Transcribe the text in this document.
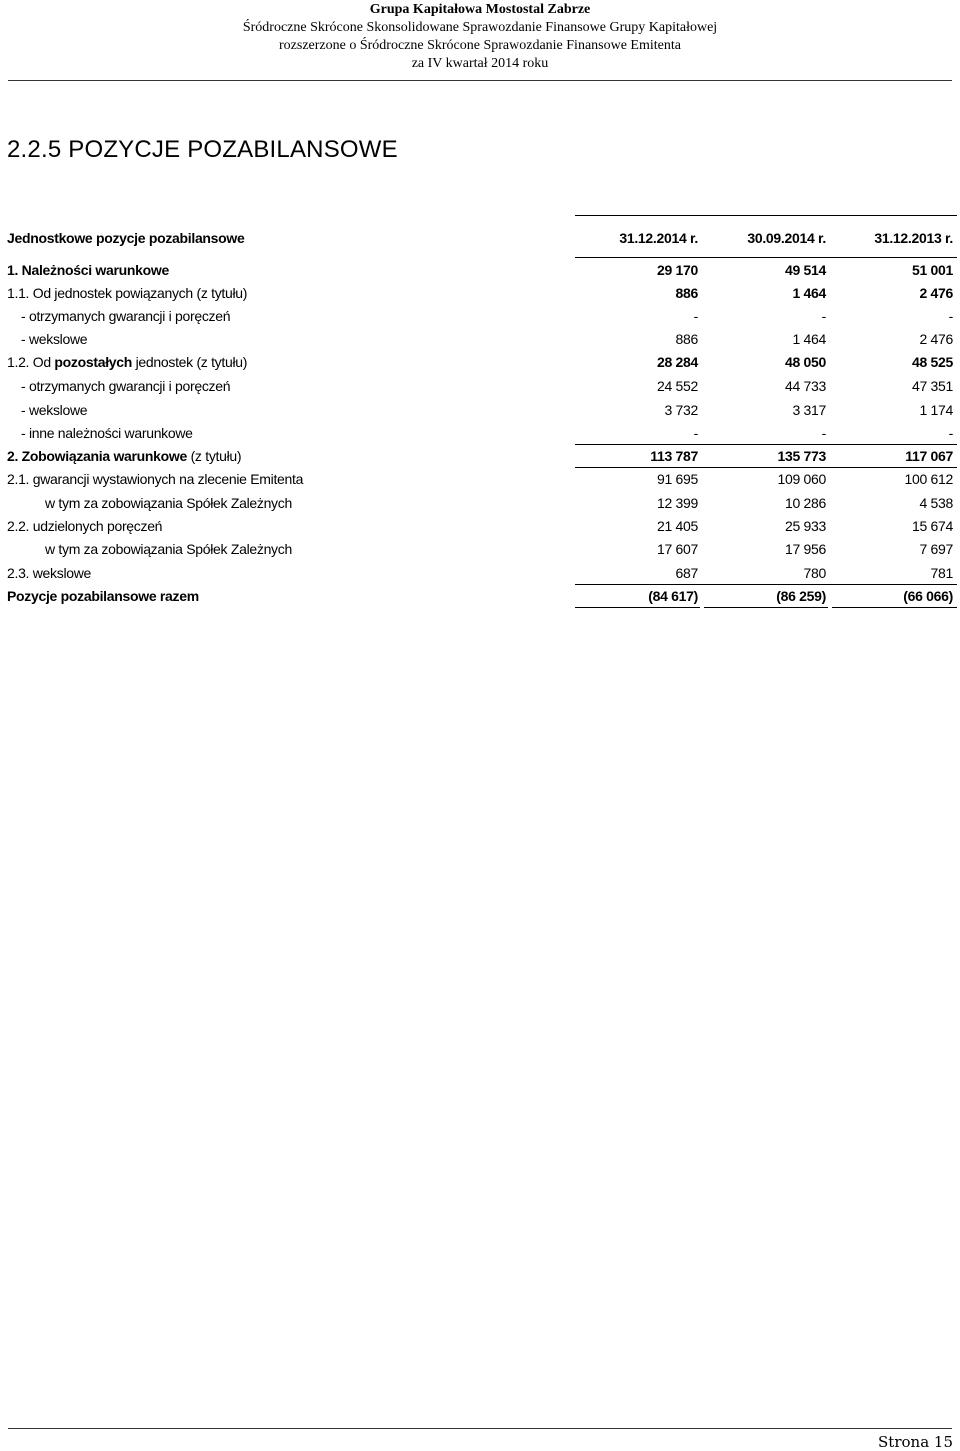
Grupa Kapitałowa Mostostal Zabrze
Śródroczne Skrócone Skonsolidowane Sprawozdanie Finansowe Grupy Kapitałowej
rozszerzone o Śródroczne Skrócone Sprawozdanie Finansowe Emitenta
za IV kwartał 2014 roku
2.2.5 POZYCJE POZABILANSOWE
Jednostkowe pozycje pozabilansowe	31.12.2014 r.	30.09.2014 r.	31.12.2013 r.
1. Należności warunkowe	29 170	49 514	51 001
1.1. Od jednostek powiązanych (z tytułu)	886	1 464	2 476
- otrzymanych gwarancji i poręczeń	-	-	-
- wekslowe	886	1 464	2 476
1.2. Od pozostałych jednostek (z tytułu)	28 284	48 050	48 525
- otrzymanych gwarancji i poręczeń	24 552	44 733	47 351
- wekslowe	3 732	3 317	1 174
- inne należności warunkowe	-	-	-
2. Zobowiązania warunkowe (z tytułu)	113 787	135 773	117 067
2.1. gwarancji wystawionych na zlecenie Emitenta	91 695	109 060	100 612
w tym za zobowiązania Spółek Zależnych	12 399	10 286	4 538
2.2. udzielonych poręczeń	21 405	25 933	15 674
w tym za zobowiązania Spółek Zależnych	17 607	17 956	7 697
2.3. wekslowe	687	780	781
Pozycje pozabilansowe razem	(84 617)	(86 259)	(66 066)
Strona 15
